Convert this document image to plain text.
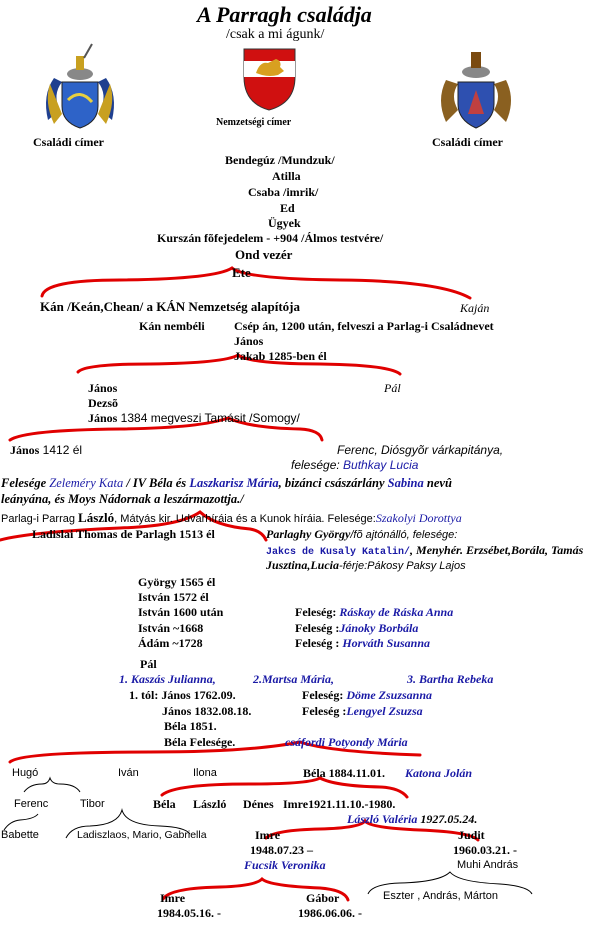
A Parragh családja
/csak a mi águnk/
Családi címer
Nemzetségi címer
Családi címer
Bendegúz /Mundzuk/
Atilla
Csaba /imrik/
Ed
Ügyek
Kurszán fõfejedelem - +904 /Álmos testvére/
Ond vezér
Ete
Kán /Keán,Chean/ a KÁN Nemzetség alapítója	Kaján
Kán nembéli Csép án, 1200 után, felveszi a Parlag-i Családnevet
János
Jakab 1285-ben él
János	Pál
Dezsõ
János 1384 megveszi Tamásit /Somogy/
János 1412 él	Ferenc, Diósgyõr várkapitánya,
felesége: Buthkay Lucia
Felesége Zeleméry Kata / IV Béla és Laszkarisz Mária, bizánci császárlány Sabina nevû
leányána, és Moys Nádornak a leszármazottja./
Parlag-i Parrag László, Mátyás kir. Udvarhíráia és a Kunok híráia. Felesége:Szakolyi Dorottya
Ladislai Thomas de Parlagh 1513 él	Parlaghy György/fõ ajtónálló, felesége:
Jakcs de Kusaly Katalin/, Menyhér. Erzsébet,Borála, Tamás
Jusztina,Lucia-férje:Pákosy Paksy Lajos
György 1565 él
István 1572 él
István 1600 után	Feleség: Ráskay de Ráska Anna
István ~1668	Feleség :Jánoky Borbála
Ádám ~1728	Feleség : Horváth Susanna
Pál
1. Kaszás Julianna,	2.Martsa Mária,	3. Bartha Rebeka
1. tól: János 1762.09.	Feleség: Döme Zsuzsanna
János 1832.08.18.	Feleség :Lengyel Zsuzsa
Béla 1851.
Béla Felesége.	csáfordi Potyondy Mária
Hugó	Iván	Ilona	Béla 1884.11.01. Katona Jolán
Ferenc	Tibor	Béla László Dénes Imre1921.11.10.-1980.
Babette	Ladiszlaos, Mario, Gabriella
László Valéria 1927.05.24.
Imre
1948.07.23 –
Fucsik Veronika
Judit
1960.03.21. -
Muhi András
Eszter , András, Márton
Imre
1984.05.16. -
Gábor
1986.06.06. -
